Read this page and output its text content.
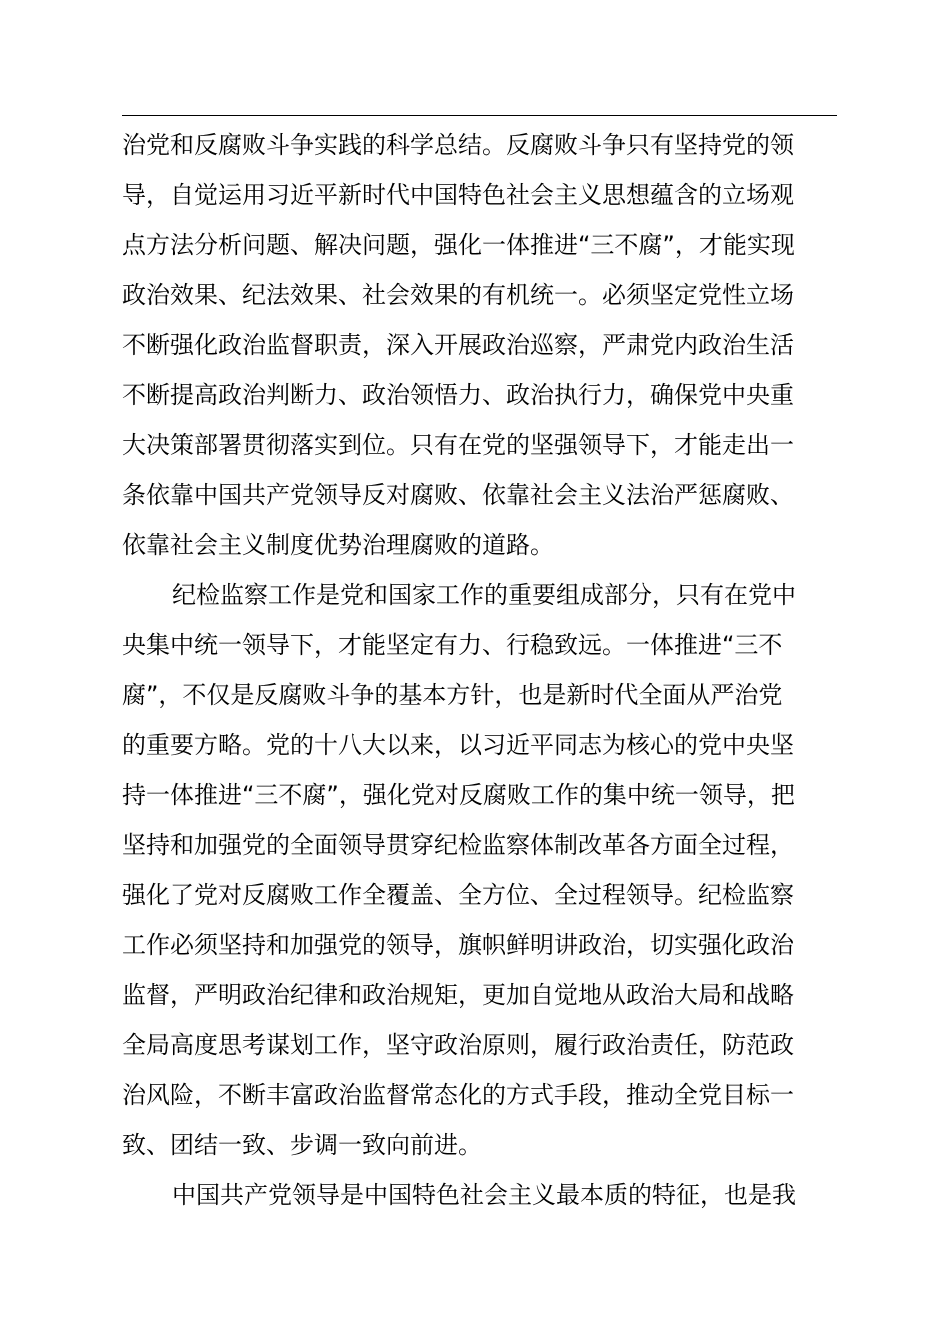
治党和反腐败斗争实践的科学总结。反腐败斗争只有坚持党的领
导，自觉运用习近平新时代中国特色社会主义思想蕴含的立场观
点方法分析问题、解决问题，强化一体推进“三不腐”，才能实现
政治效果、纪法效果、社会效果的有机统一。必须坚定党性立场
不断强化政治监督职责，深入开展政治巡察，严肃党内政治生活
不断提高政治判断力、政治领悟力、政治执行力，确保党中央重
大决策部署贯彻落实到位。只有在党的坚强领导下，才能走出一
条依靠中国共产党领导反对腐败、依靠社会主义法治严惩腐败、
依靠社会主义制度优势治理腐败的道路。
纪检监察工作是党和国家工作的重要组成部分，只有在党中
央集中统一领导下，才能坚定有力、行稳致远。一体推进“三不
腐”，不仅是反腐败斗争的基本方针，也是新时代全面从严治党
的重要方略。党的十八大以来，以习近平同志为核心的党中央坚
持一体推进“三不腐”，强化党对反腐败工作的集中统一领导，把
坚持和加强党的全面领导贯穿纪检监察体制改革各方面全过程，
强化了党对反腐败工作全覆盖、全方位、全过程领导。纪检监察
工作必须坚持和加强党的领导，旗帜鲜明讲政治，切实强化政治
监督，严明政治纪律和政治规矩，更加自觉地从政治大局和战略
全局高度思考谋划工作，坚守政治原则，履行政治责任，防范政
治风险，不断丰富政治监督常态化的方式手段，推动全党目标一
致、团结一致、步调一致向前进。
中国共产党领导是中国特色社会主义最本质的特征，也是我
